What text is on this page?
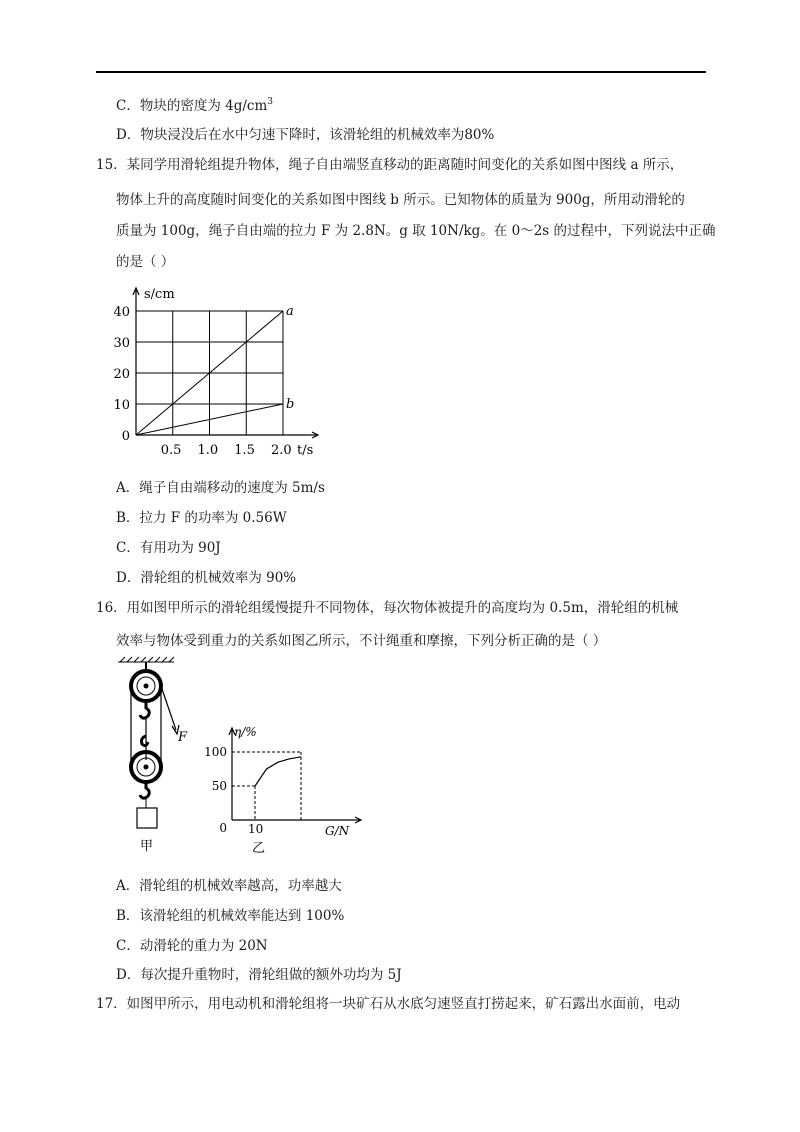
C．物块的密度为 $4g/cm^3$
D．物块浸没后在水中匀速下降时，该滑轮组的机械效率为80%
15．某同学用滑轮组提升物体，绳子自由端竖直移动的距离随时间变化的关系如图中图线 a 所示，
物体上升的高度随时间变化的关系如图中图线 b 所示。已知物体的质量为 900g，所用动滑轮的
质量为 100g，绳子自由端的拉力 F 为 2.8N。g 取 10N/kg。在 0～2s 的过程中，下列说法中正确
的是（ ）
0.5 1.0 1.5 2.0
0
10
20
30
40	a
b
s/cm
t/s
A．绳子自由端移动的速度为 5m/s
B．拉力 F 的功率为 0.56W
C．有用功为 90J
D．滑轮组的机械效率为 90%
16．用如图甲所示的滑轮组缓慢提升不同物体，每次物体被提升的高度均为 0.5m，滑轮组的机械
效率与物体受到重力的关系如图乙所示，不计绳重和摩擦，下列分析正确的是（ ）
F
甲
0
50
100
10
η/%
G/N
乙
A．滑轮组的机械效率越高，功率越大
B．该滑轮组的机械效率能达到 100%
C．动滑轮的重力为 20N
D．每次提升重物时，滑轮组做的额外功均为 5J
17．如图甲所示，用电动机和滑轮组将一块矿石从水底匀速竖直打捞起来，矿石露出水面前，电动
